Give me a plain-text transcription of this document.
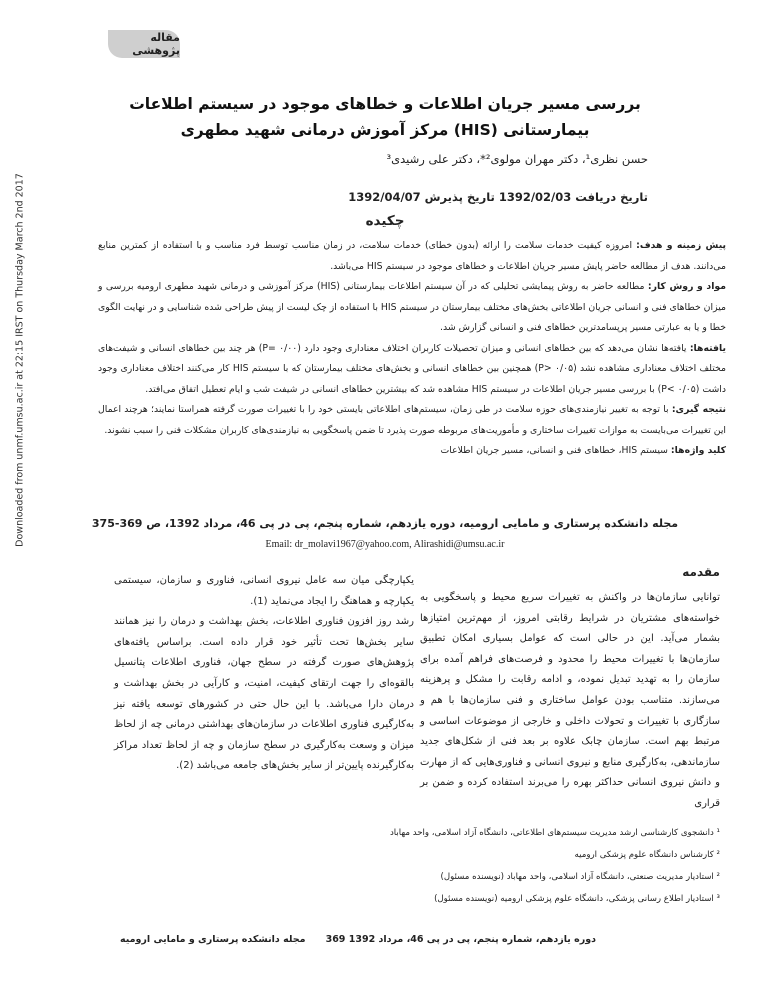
Downloaded from unmf.umsu.ac.ir at 22:15 IRST on Thursday March 2nd 2017
مقاله پژوهشی
بررسی مسیر جریان اطلاعات و خطاهای موجود در سیستم اطلاعات
بیمارستانی (HIS) مرکز آموزش درمانی شهید مطهری
حسن نظری¹، دکتر مهران مولوی²*، دکتر علی رشیدی³
تاریخ دریافت 1392/02/03 تاریخ پذیرش 1392/04/07
چکیده

پیش زمینه و هدف: امروزه کیفیت خدمات سلامت را ارائه (بدون خطای) خدمات سلامت، در زمان مناسب توسط فرد مناسب و با استفاده از کمترین منابع می‌دانند. هدف از مطالعه حاضر پایش مسیر جریان اطلاعات و خطاهای موجود در سیستم HIS می‌باشد.

مواد و روش کار: مطالعه حاضر به روش پیمایشی تحلیلی که در آن سیستم اطلاعات بیمارستانی (HIS) مرکز آموزشی و درمانی شهید مطهری ارومیه بررسی و میزان خطاهای فنی و انسانی جریان اطلاعاتی بخش‌های مختلف بیمارستان در سیستم HIS با استفاده از چک لیست از پیش طراحی شده شناسایی و در نهایت الگوی خطا و یا به عبارتی مسیر پرپسامدترین خطاهای فنی و انسانی گزارش شد.

یافته‌ها: یافته‌ها نشان می‌دهد که بین خطاهای انسانی و میزان تحصیلات کاربران اختلاف معناداری وجود دارد (P= ۰/۰۰) هر چند بین خطاهای انسانی و شیفت‌های مختلف اختلاف معناداری مشاهده نشد (P> ۰/۰۵) همچنین بین خطاهای انسانی و بخش‌های مختلف بیمارستان که با سیستم HIS کار می‌کنند اختلاف معناداری وجود داشت (P< ۰/۰۵) با بررسی مسیر جریان اطلاعات در سیستم HIS مشاهده شد که بیشترین خطاهای انسانی در شیفت شب و ایام تعطیل اتفاق می‌افتد.

نتیجه گیری: با توجه به تغییر نیازمندی‌های حوزه سلامت در طی زمان، سیستم‌های اطلاعاتی بایستی خود را با تغییرات صورت گرفته همراستا نمایند؛ هرچند اعمال این تغییرات می‌بایست به موازات تغییرات ساختاری و مأموریت‌های مربوطه صورت پذیرد تا ضمن پاسخگویی به نیازمندی‌های کاربران مشکلات فنی را سبب نشوند.

کلید واژه‌ها: سیستم HIS، خطاهای فنی و انسانی، مسیر جریان اطلاعات

مجله دانشکده پرستاری و مامایی ارومیه، دوره یازدهم، شماره پنجم، پی در پی 46، مرداد 1392، ص 369-375
Email: dr_molavi1967@yahoo.com, Alirashidi@umsu.ac.ir
مقدمه

توانایی سازمان‌ها در واکنش به تغییرات سریع محیط و پاسخگویی به خواسته‌های مشتریان در شرایط رقابتی امروز، از مهم‌ترین امتیازها بشمار می‌آید. این در حالی است که عوامل بسیاری امکان تطبیق سازمان‌ها با تغییرات محیط را محدود و فرصت‌های فراهم آمده برای سازمان را به تهدید تبدیل نموده، و ادامه رقابت را مشکل و پرهزینه می‌سازند. متناسب بودن عوامل ساختاری و فنی سازمان‌ها با هم و سازگاری با تغییرات و تحولات داخلی و خارجی از موضوعات اساسی و مرتبط بهم است. سازمان چابک علاوه بر بعد فنی از شکل‌های جدید سازماندهی، به‌کارگیری منابع و نیروی انسانی و فناوری‌هایی که از مهارت و دانش نیروی انسانی حداکثر بهره را می‌برند استفاده کرده و ضمن بر قراری

یکپارچگی میان سه عامل نیروی انسانی، فناوری و سازمان، سیستمی یکپارچه و هماهنگ را ایجاد می‌نماید (1).

رشد روز افزون فناوری اطلاعات، بخش بهداشت و درمان را نیز همانند سایر بخش‌ها تحت تأثیر خود قرار داده است. براساس یافته‌های پژوهش‌های صورت گرفته در سطح جهان، فناوری اطلاعات پتانسیل بالقوه‌ای را جهت ارتقای کیفیت، امنیت، و کارآیی در بخش بهداشت و درمان دارا می‌باشد. با این حال حتی در کشورهای توسعه یافته نیز به‌کارگیری فناوری اطلاعات در سازمان‌های بهداشتی درمانی چه از لحاظ میزان و وسعت به‌کارگیری در سطح سازمان و چه از لحاظ تعداد مراکز به‌کارگیرنده پایین‌تر از سایر بخش‌های جامعه می‌باشد (2).

¹ دانشجوی کارشناسی ارشد مدیریت سیستم‌های اطلاعاتی، دانشگاه آزاد اسلامی، واحد مهاباد
² کارشناس دانشگاه علوم پزشکی ارومیه
² استادیار مدیریت صنعتی، دانشگاه آزاد اسلامی، واحد مهاباد (نویسنده مسئول)
³ استادیار اطلاع رسانی پزشکی، دانشگاه علوم پزشکی ارومیه (نویسنده مسئول)
مجله دانشکده پرستاری و مامایی ارومیه دوره یازدهم، شماره پنجم، پی در پی 46، مرداد 1392 369
